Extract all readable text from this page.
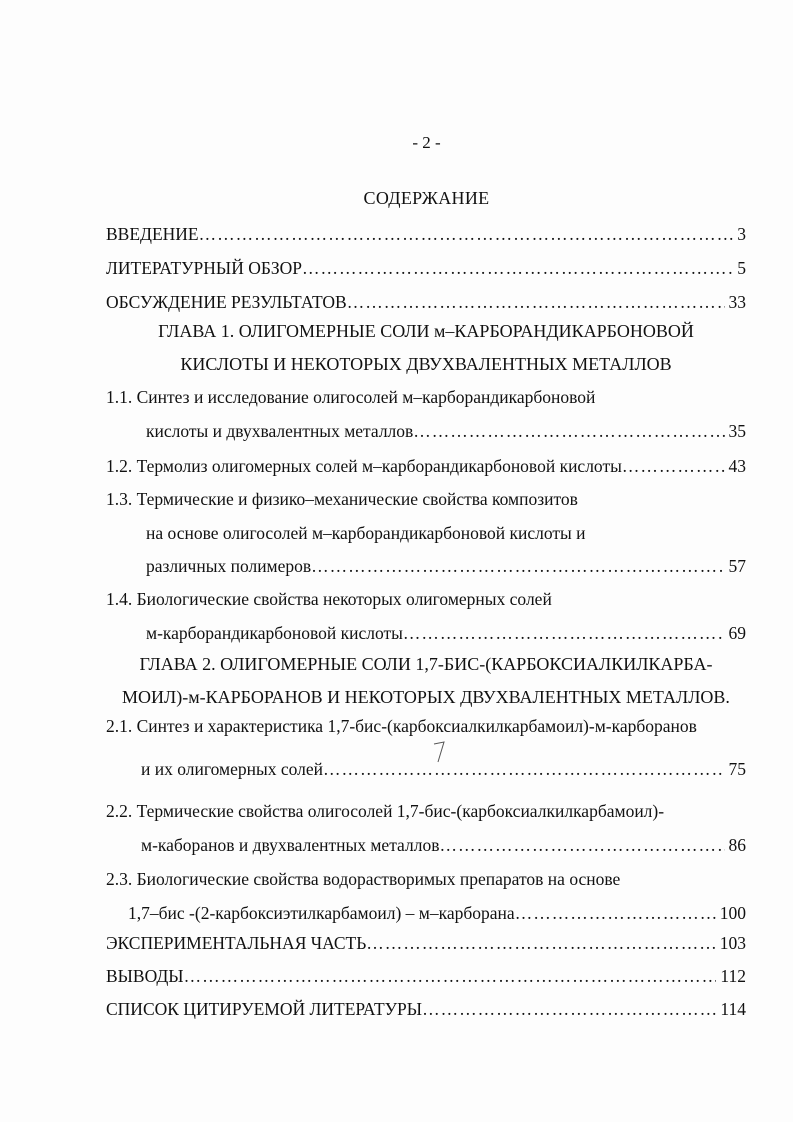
- 2 -
СОДЕРЖАНИЕ
ВВЕДЕНИЕ ……………………………………………………………………………………………………………………………………………………	3
ЛИТЕРАТУРНЫЙ ОБЗОР ……………………………………………………………………………………………………………………………………………………	5
ОБСУЖДЕНИЕ РЕЗУЛЬТАТОВ ……………………………………………………………………………………………………………………………………………………	33
ГЛАВА 1. ОЛИГОМЕРНЫЕ СОЛИ м–КАРБОРАНДИКАРБОНОВОЙ
КИСЛОТЫ И НЕКОТОРЫХ ДВУХВАЛЕНТНЫХ МЕТАЛЛОВ
1.1. Синтез и исследование олигосолей м–карборандикарбоновой
кислоты и двухвалентных металлов ……………………………………………………………………………………………………………………………………………………	35
1.2. Термолиз олигомерных солей м–карборандикарбоновой кислоты ……………………………………………………………………………………………………………………………………………………	43
1.3. Термические и физико–механические свойства композитов
на основе олигосолей м–карборандикарбоновой кислоты и
различных полимеров ……………………………………………………………………………………………………………………………………………………	57
1.4. Биологические свойства некоторых олигомерных солей
м-карборандикарбоновой кислоты ……………………………………………………………………………………………………………………………………………………	69
ГЛАВА 2. ОЛИГОМЕРНЫЕ СОЛИ 1,7-БИС-(КАРБОКСИАЛКИЛКАРБА-
МОИЛ)-м-КАРБОРАНОВ И НЕКОТОРЫХ ДВУХВАЛЕНТНЫХ МЕТАЛЛОВ.
2.1. Синтез и характеристика 1,7-бис-(карбоксиалкилкарбамоил)-м-карборанов
и их олигомерных солей ……………………………………………………………………………………………………………………………………………………	75
2.2. Термические свойства олигосолей 1,7-бис-(карбоксиалкилкарбамоил)-
м-каборанов и двухвалентных металлов ……………………………………………………………………………………………………………………………………………………	86
2.3. Биологические свойства водорастворимых препаратов на основе
1,7–бис -(2-карбоксиэтилкарбамоил) – м–карборана ……………………………………………………………………………………………………………………………………………………	100
ЭКСПЕРИМЕНТАЛЬНАЯ ЧАСТЬ ……………………………………………………………………………………………………………………………………………………	103
ВЫВОДЫ ……………………………………………………………………………………………………………………………………………………	112
СПИСОК ЦИТИРУЕМОЙ ЛИТЕРАТУРЫ ……………………………………………………………………………………………………………………………………………………	114
